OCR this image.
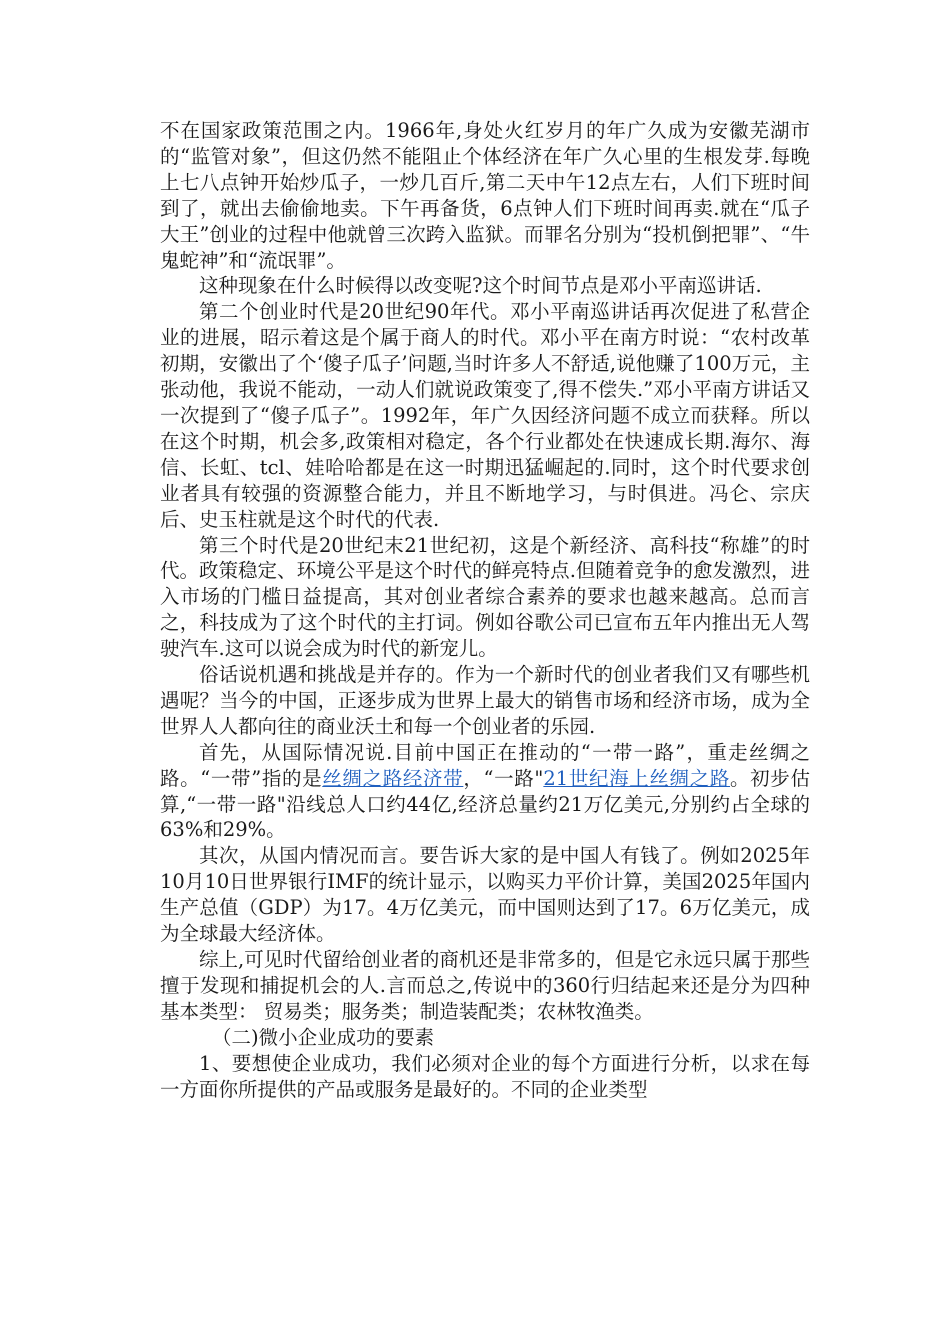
不在国家政策范围之内。1966年,身处火红岁月的年广久成为安徽芜湖市的“监管对象”，但这仍然不能阻止个体经济在年广久心里的生根发芽.每晚上七八点钟开始炒瓜子，一炒几百斤,第二天中午12点左右，人们下班时间到了，就出去偷偷地卖。下午再备货，6点钟人们下班时间再卖.就在“瓜子大王”创业的过程中他就曾三次跨入监狱。而罪名分别为“投机倒把罪”、“牛鬼蛇神”和“流氓罪”。

这种现象在什么时候得以改变呢?这个时间节点是邓小平南巡讲话.

第二个创业时代是20世纪90年代。邓小平南巡讲话再次促进了私营企业的进展，昭示着这是个属于商人的时代。邓小平在南方时说：“农村改革初期，安徽出了个‘傻子瓜子’问题,当时许多人不舒适,说他赚了100万元，主张动他，我说不能动，一动人们就说政策变了,得不偿失.”邓小平南方讲话又一次提到了“傻子瓜子”。1992年，年广久因经济问题不成立而获释。所以在这个时期，机会多,政策相对稳定，各个行业都处在快速成长期.海尔、海信、长虹、tcl、娃哈哈都是在这一时期迅猛崛起的.同时，这个时代要求创业者具有较强的资源整合能力，并且不断地学习，与时俱进。冯仑、宗庆后、史玉柱就是这个时代的代表.

第三个时代是20世纪末21世纪初，这是个新经济、高科技“称雄”的时代。政策稳定、环境公平是这个时代的鲜亮特点.但随着竞争的愈发激烈，进入市场的门槛日益提高，其对创业者综合素养的要求也越来越高。总而言之，科技成为了这个时代的主打词。例如谷歌公司已宣布五年内推出无人驾驶汽车.这可以说会成为时代的新宠儿。

俗话说机遇和挑战是并存的。作为一个新时代的创业者我们又有哪些机遇呢？当今的中国，正逐步成为世界上最大的销售市场和经济市场，成为全世界人人都向往的商业沃土和每一个创业者的乐园.

首先，从国际情况说.目前中国正在推动的“一带一路”，重走丝绸之路。“一带”指的是丝绸之路经济带，“一路"21世纪海上丝绸之路。初步估算,“一带一路"沿线总人口约44亿,经济总量约21万亿美元,分别约占全球的63%和29%。

其次，从国内情况而言。要告诉大家的是中国人有钱了。例如2025年10月10日世界银行IMF的统计显示，以购买力平价计算，美国2025年国内生产总值（GDP）为17。4万亿美元，而中国则达到了17。6万亿美元，成为全球最大经济体。

综上,可见时代留给创业者的商机还是非常多的，但是它永远只属于那些擅于发现和捕捉机会的人.言而总之,传说中的360行归结起来还是分为四种基本类型： 贸易类；服务类；制造装配类；农林牧渔类。

（二)微小企业成功的要素

1、要想使企业成功，我们必须对企业的每个方面进行分析，以求在每一方面你所提供的产品或服务是最好的。不同的企业类型
